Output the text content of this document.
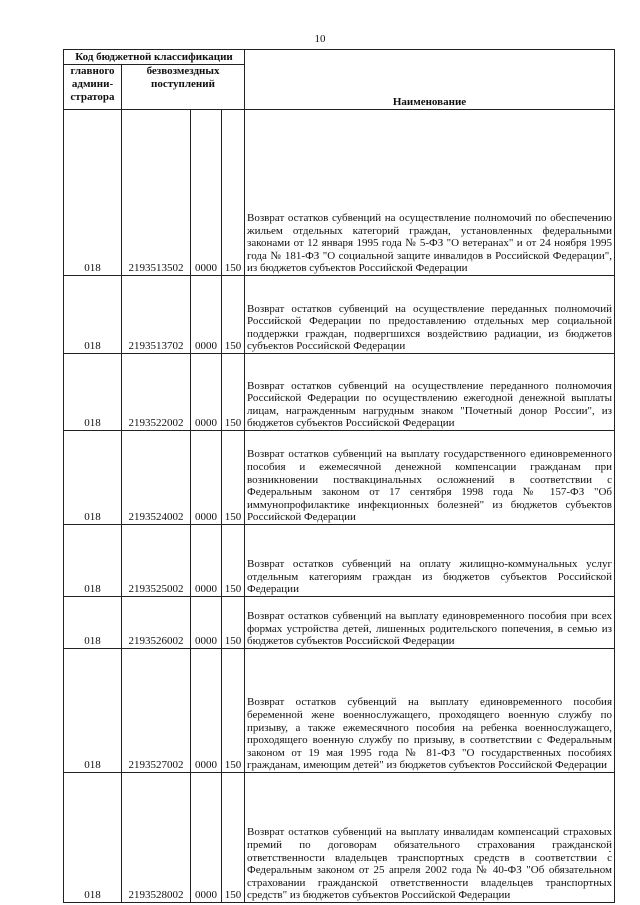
10
Код бюджетной классификации				Наименование
главного админи-стратора	безвозмездных поступлений			
018	2193513502	0000	150	Возврат остатков субвенций на осуществление полномочий по обеспечению жильем отдельных категорий граждан, установленных федеральными законами от 12 января 1995 года № 5-ФЗ "О ветеранах" и от 24 ноября 1995 года № 181-ФЗ "О социальной защите инвалидов в Российской Федерации", из бюджетов субъектов Российской Федерации
018	2193513702	0000	150	Возврат остатков субвенций на осуществление переданных полномочий Российской Федерации по предоставлению отдельных мер социальной поддержки граждан, подвергшихся воздействию радиации, из бюджетов субъектов Российской Федерации
018	2193522002	0000	150	Возврат остатков субвенций на осуществление переданного полномочия Российской Федерации по осуществлению ежегодной денежной выплаты лицам, награжденным нагрудным знаком "Почетный донор России", из бюджетов субъектов Российской Федерации
018	2193524002	0000	150	Возврат остатков субвенций на выплату государственного единовременного пособия и ежемесячной денежной компенсации гражданам при возникновении поствакцинальных осложнений в соответствии с Федеральным законом от 17 сентября 1998 года № 157-ФЗ "Об иммунопрофилактике инфекционных болезней" из бюджетов субъектов Российской Федерации
018	2193525002	0000	150	Возврат остатков субвенций на оплату жилищно-коммунальных услуг отдельным категориям граждан из бюджетов субъектов Российской Федерации
018	2193526002	0000	150	Возврат остатков субвенций на выплату единовременного пособия при всех формах устройства детей, лишенных родительского попечения, в семью из бюджетов субъектов Российской Федерации
018	2193527002	0000	150	Возврат остатков субвенций на выплату единовременного пособия беременной жене военнослужащего, проходящего военную службу по призыву, а также ежемесячного пособия на ребенка военнослужащего, проходящего военную службу по призыву, в соответствии с Федеральным законом от 19 мая 1995 года № 81-ФЗ "О государственных пособиях гражданам, имеющим детей" из бюджетов субъектов Российской Федерации
018	2193528002	0000	150	Возврат остатков субвенций на выплату инвалидам компенсаций страховых премий по договорам обязательного страхования гражданской ответственности владельцев транспортных средств в соответствии с Федеральным законом от 25 апреля 2002 года № 40-ФЗ "Об обязательном страховании гражданской ответственности владельцев транспортных средств" из бюджетов субъектов Российской Федерации
